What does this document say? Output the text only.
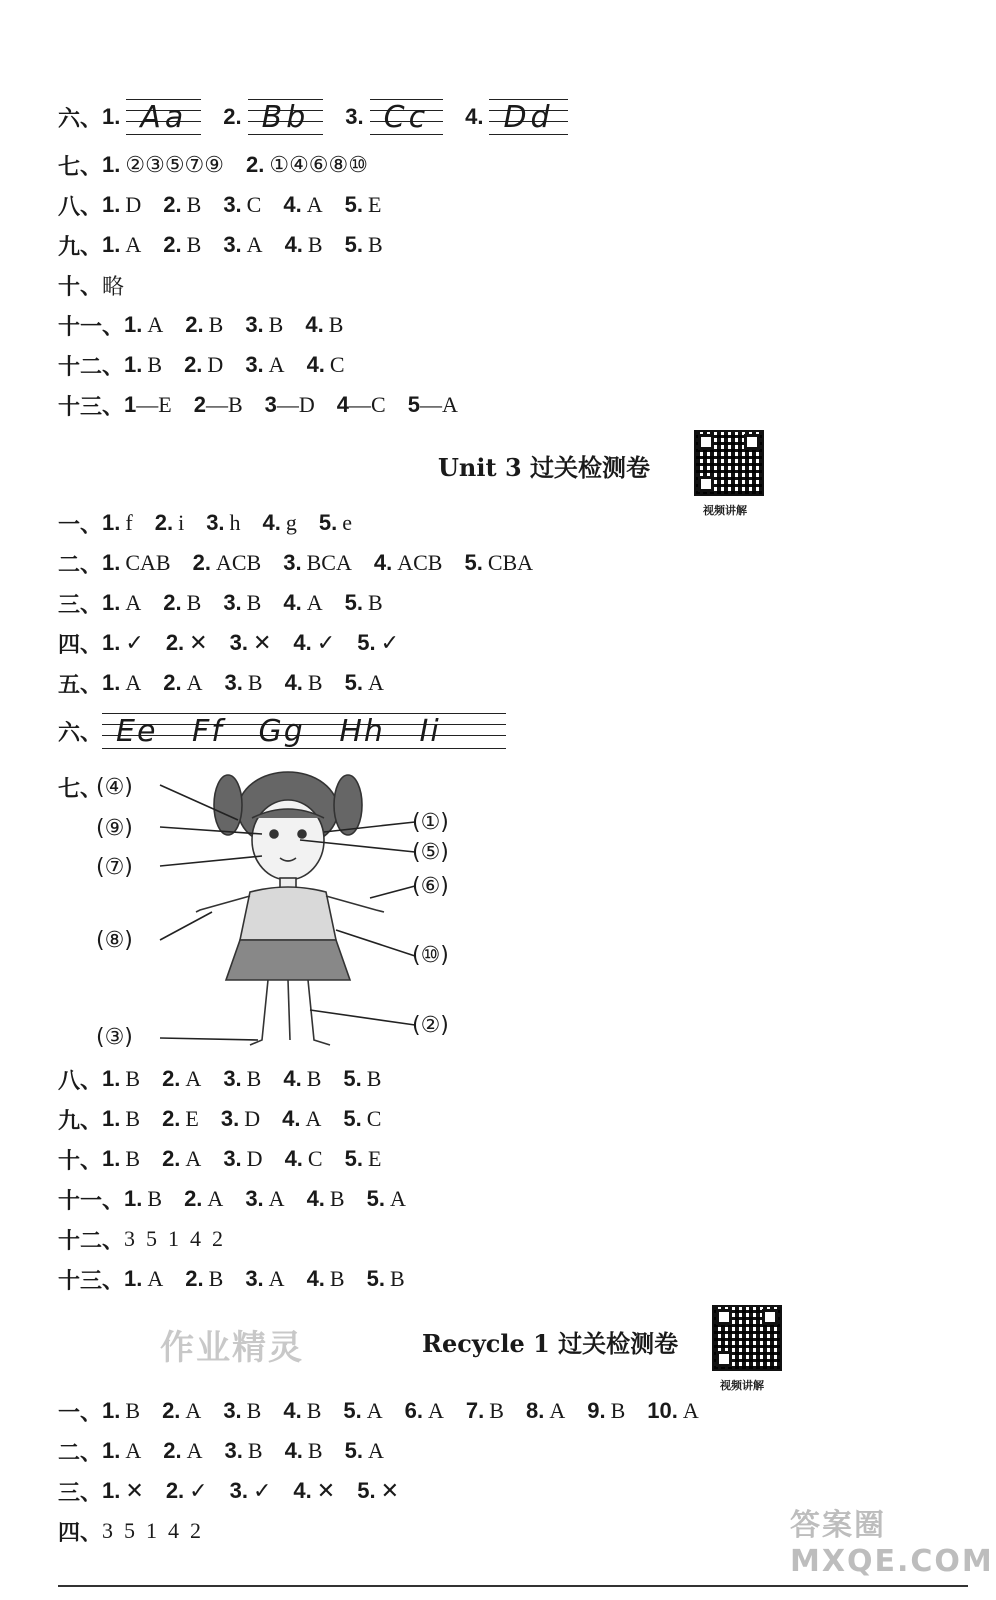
六、 1. Aa	2. Bb	3. Cc	4. Dd
七、 1. ②③⑤⑦⑨ 2. ①④⑥⑧⑩
八、 1. D 2. B 3. C 4. A 5. E
九、 1. A 2. B 3. A 4. B 5. B
十、 略
十一、 1. A 2. B 3. B 4. B
十二、 1. B 2. D 3. A 4. C
十三、 1 —E 2 —B 3 —D 4 —C 5 —A
Unit 3 过关检测卷
视频讲解
一、 1. f 2. i 3. h 4. g 5. e
二、 1. CAB 2. ACB 3. BCA 4. ACB 5. CBA
三、 1. A 2. B 3. B 4. A 5. B
四、 1. ✓ 2. ✕ 3. ✕ 4. ✓ 5. ✓
五、 1. A 2. A 3. B 4. B 5. A
六、 Ee   Ff   Gg   Hh   Ii
七、
(④)
(⑨)
(⑦)
(⑧)
(③)
(①)
(⑤)
(⑥)
(⑩)
(②)
八、 1. B 2. A 3. B 4. B 5. B
九、 1. B 2. E 3. D 4. A 5. C
十、 1. B 2. A 3. D 4. C 5. E
十一、 1. B 2. A 3. A 4. B 5. A
十二、 3  5  1  4  2
十三、 1. A 2. B 3. A 4. B 5. B
作业精灵	Recycle 1 过关检测卷
视频讲解
一、 1. B 2. A 3. B 4. B 5. A 6. A 7. B 8. A 9. B 10. A
二、 1. A 2. A 3. B 4. B 5. A
三、 1. ✕ 2. ✓ 3. ✓ 4. ✕ 5. ✕
四、 3  5  1  4  2	答案圈 MXQE.COM
